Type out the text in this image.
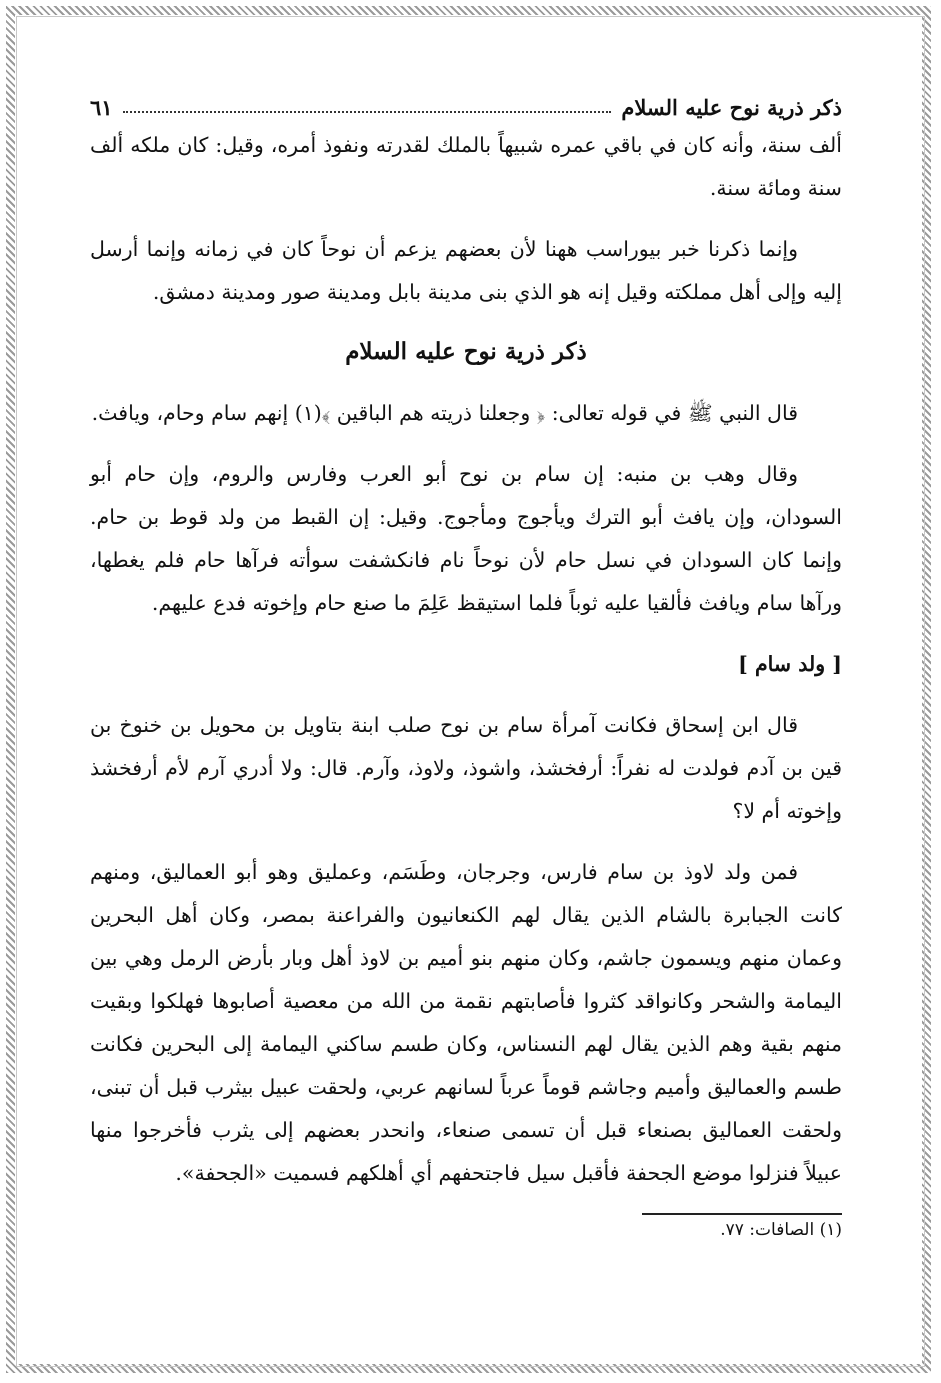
ذكر ذرية نوح عليه السلام
٦١

ألف سنة، وأنه كان في باقي عمره شبيهاً بالملك لقدرته ونفوذ أمره، وقيل: كان ملكه ألف سنة ومائة سنة.

وإنما ذكرنا خبر بيوراسب ههنا لأن بعضهم يزعم أن نوحاً كان في زمانه وإنما أرسل إليه وإلى أهل مملكته وقيل إنه هو الذي بنى مدينة بابل ومدينة صور ومدينة دمشق.

ذكر ذرية نوح عليه السلام

قال النبي ﷺ في قوله تعالى: ﴿ وجعلنا ذريته هم الباقين ﴾(١) إنهم سام وحام، ويافث.

وقال وهب بن منبه: إن سام بن نوح أبو العرب وفارس والروم، وإن حام أبو السودان، وإن يافث أبو الترك ويأجوج ومأجوج. وقيل: إن القبط من ولد قوط بن حام. وإنما كان السودان في نسل حام لأن نوحاً نام فانكشفت سوأته فرآها حام فلم يغطها، ورآها سام ويافث فألقيا عليه ثوباً فلما استيقظ عَلِمَ ما صنع حام وإخوته فدع عليهم.

[ ولد سام ]

قال ابن إسحاق فكانت آمرأة سام بن نوح صلب ابنة بتاويل بن محويل بن خنوخ بن قين بن آدم فولدت له نفراً: أرفخشذ، واشوذ، ولاوذ، وآرم. قال: ولا أدري آرم لأم أرفخشذ وإخوته أم لا؟

فمن ولد لاوذ بن سام فارس، وجرجان، وطَسَم، وعمليق وهو أبو العماليق، ومنهم كانت الجبابرة بالشام الذين يقال لهم الكنعانيون والفراعنة بمصر، وكان أهل البحرين وعمان منهم ويسمون جاشم، وكان منهم بنو أميم بن لاوذ أهل وبار بأرض الرمل وهي بين اليمامة والشحر وكانواقد كثروا فأصابتهم نقمة من الله من معصية أصابوها فهلكوا وبقيت منهم بقية وهم الذين يقال لهم النسناس، وكان طسم ساكني اليمامة إلى البحرين فكانت طسم والعماليق وأميم وجاشم قوماً عرباً لسانهم عربي، ولحقت عبيل بيثرب قبل أن تبنى، ولحقت العماليق بصنعاء قبل أن تسمى صنعاء، وانحدر بعضهم إلى يثرب فأخرجوا منها عبيلاً فنزلوا موضع الجحفة فأقبل سيل فاجتحفهم أي أهلكهم فسميت «الجحفة».

(١) الصافات: ٧٧.
